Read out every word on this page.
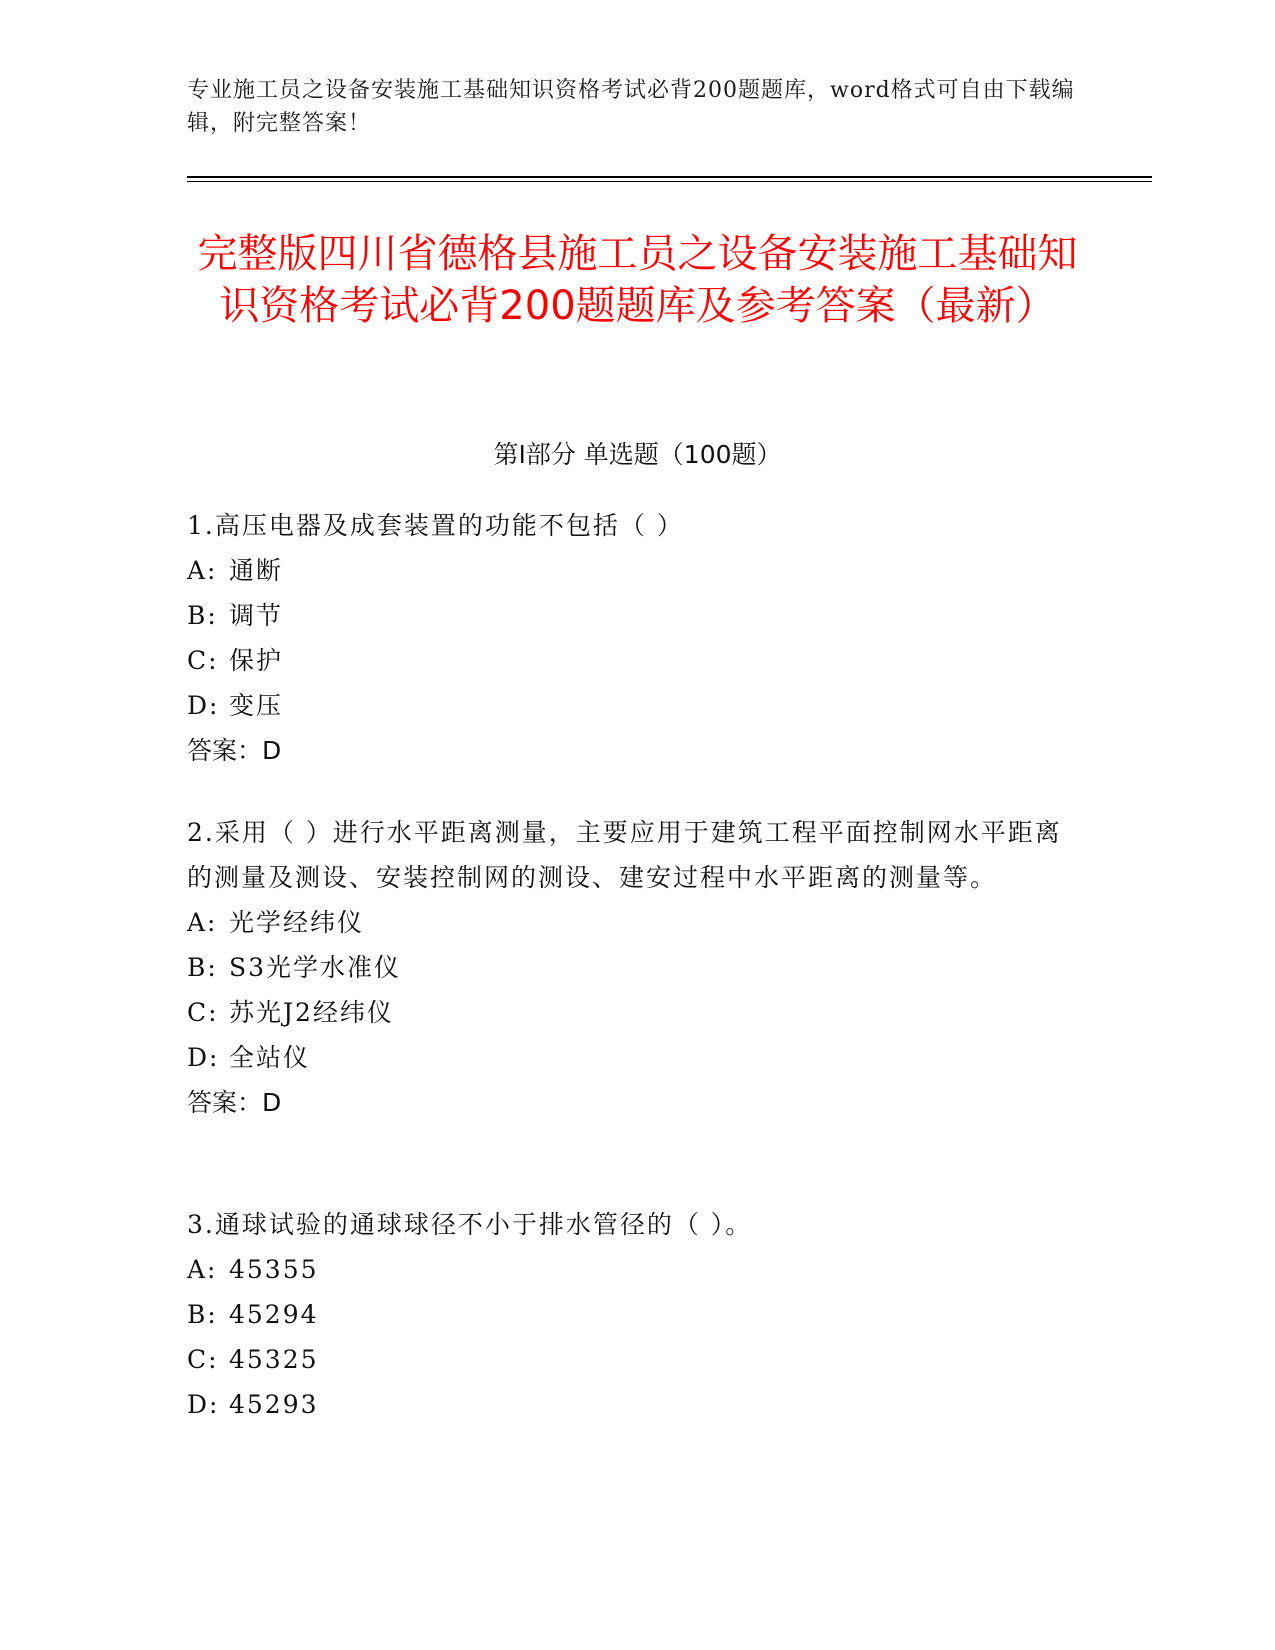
专业施工员之设备安装施工基础知识资格考试必背200题题库，word格式可自由下载编辑，附完整答案！
完整版四川省德格县施工员之设备安装施工基础知识资格考试必背200题题库及参考答案（最新）
第Ⅰ部分 单选题（100题）

1.高压电器及成套装置的功能不包括（ ）

A: 通断

B: 调节

C: 保护

D: 变压

答案：D

2.采用（ ）进行水平距离测量，主要应用于建筑工程平面控制网水平距离的测量及测设、安装控制网的测设、建安过程中水平距离的测量等。

A: 光学经纬仪

B: S3光学水准仪

C: 苏光J2经纬仪

D: 全站仪

答案：D

3.通球试验的通球球径不小于排水管径的（ ）。

A: 45355

B: 45294

C: 45325

D: 45293
